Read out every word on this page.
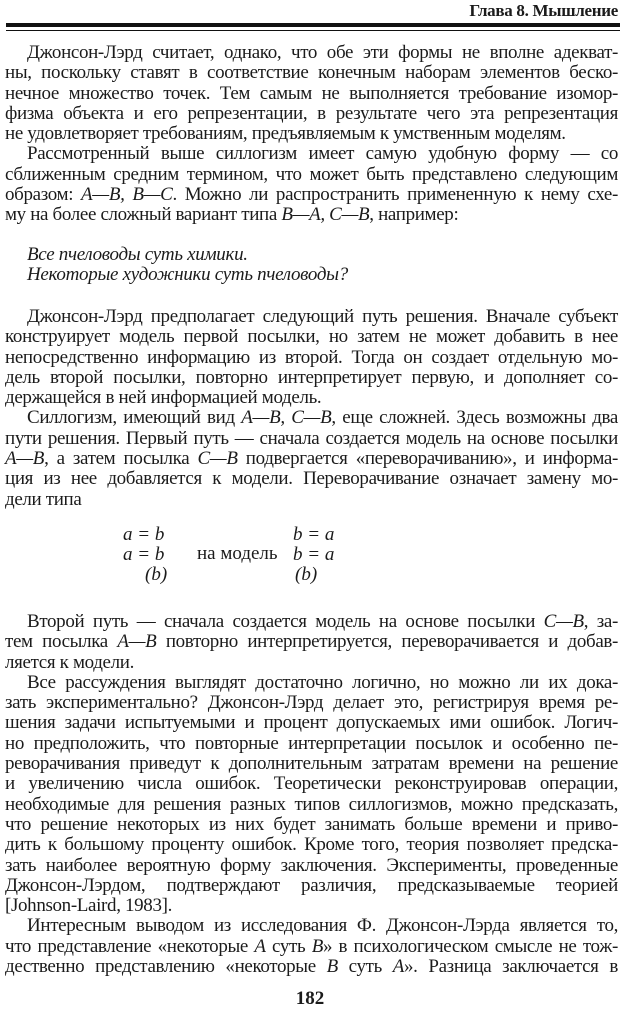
Глава 8. Мышление
Джонсон-Лэрд считает, однако, что обе эти формы не вполне адекват-
ны, поскольку ставят в соответствие конечным наборам элементов беско-
нечное множество точек. Тем самым не выполняется требование изомор-
физма объекта и его репрезентации, в результате чего эта репрезентация
не удовлетворяет требованиям, предъявляемым к умственным моделям.
Рассмотренный выше силлогизм имеет самую удобную форму — со
сближенным средним термином, что может быть представлено следующим
образом: A—B, B—C. Можно ли распространить примененную к нему схе-
му на более сложный вариант типа B—A, C—B, например:
Все пчеловоды суть химики.
Некоторые художники суть пчеловоды?
Джонсон-Лэрд предполагает следующий путь решения. Вначале субъект
конструирует модель первой посылки, но затем не может добавить в нее
непосредственно информацию из второй. Тогда он создает отдельную мо-
дель второй посылки, повторно интерпретирует первую, и дополняет со-
держащейся в ней информацией модель.
Силлогизм, имеющий вид A—B, C—B, еще сложней. Здесь возможны два
пути решения. Первый путь — сначала создается модель на основе посылки
A—B, а затем посылка C—B подвергается «переворачиванию», и информа-
ция из нее добавляется к модели. Переворачивание означает замену мо-
дели типа
a = b
a = b
(b)
на модель
b = a
b = a
(b)
Второй путь — сначала создается модель на основе посылки C—B, за-
тем посылка A—B повторно интерпретируется, переворачивается и добав-
ляется к модели.
Все рассуждения выглядят достаточно логично, но можно ли их дока-
зать экспериментально? Джонсон-Лэрд делает это, регистрируя время ре-
шения задачи испытуемыми и процент допускаемых ими ошибок. Логич-
но предположить, что повторные интерпретации посылок и особенно пе-
реворачивания приведут к дополнительным затратам времени на решение
и увеличению числа ошибок. Теоретически реконструировав операции,
необходимые для решения разных типов силлогизмов, можно предсказать,
что решение некоторых из них будет занимать больше времени и приво-
дить к большому проценту ошибок. Кроме того, теория позволяет предска-
зать наиболее вероятную форму заключения. Эксперименты, проведенные
Джонсон-Лэрдом, подтверждают различия, предсказываемые теорией
[Johnson-Laird, 1983].
Интересным выводом из исследования Ф. Джонсон-Лэрда является то,
что представление «некоторые A суть B» в психологическом смысле не тож-
дественно представлению «некоторые B суть A». Разница заключается в
182
